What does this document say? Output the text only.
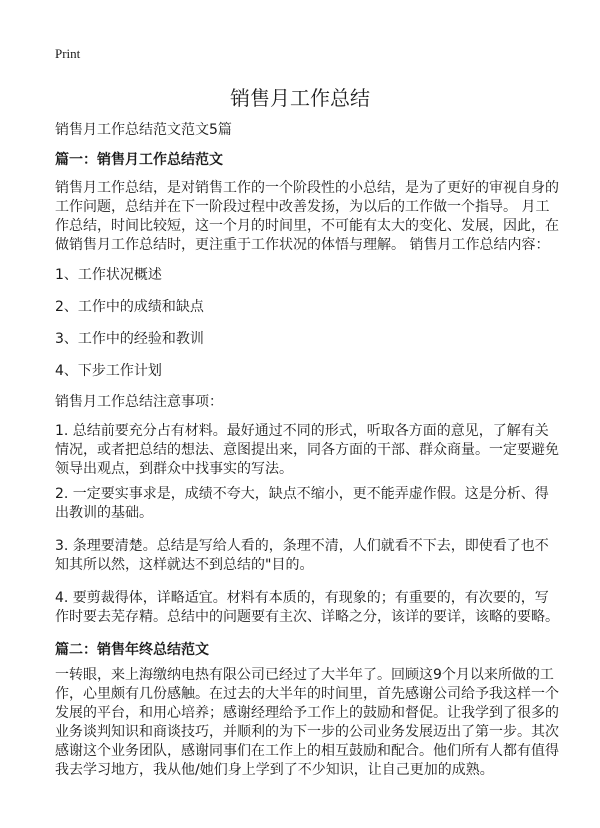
Print
销售月工作总结
销售月工作总结范文范文5篇
篇一：销售月工作总结范文
销售月工作总结，是对销售工作的一个阶段性的小总结，是为了更好的审视自身的
工作问题，总结并在下一阶段过程中改善发扬，为以后的工作做一个指导。 月工
作总结，时间比较短，这一个月的时间里，不可能有太大的变化、发展，因此，在
做销售月工作总结时，更注重于工作状况的体悟与理解。 销售月工作总结内容：
1、工作状况概述
2、工作中的成绩和缺点
3、工作中的经验和教训
4、下步工作计划
销售月工作总结注意事项：
1. 总结前要充分占有材料。最好通过不同的形式，听取各方面的意见，了解有关
情况，或者把总结的想法、意图提出来，同各方面的干部、群众商量。一定要避免
领导出观点，到群众中找事实的写法。
2. 一定要实事求是，成绩不夸大，缺点不缩小，更不能弄虚作假。这是分析、得
出教训的基础。
3. 条理要清楚。总结是写给人看的，条理不清，人们就看不下去，即使看了也不
知其所以然，这样就达不到总结的"目的。
4. 要剪裁得体，详略适宜。材料有本质的，有现象的；有重要的，有次要的，写
作时要去芜存精。总结中的问题要有主次、详略之分，该详的要详，该略的要略。
篇二：销售年终总结范文
一转眼，来上海缴纳电热有限公司已经过了大半年了。回顾这9个月以来所做的工
作，心里颇有几份感触。在过去的大半年的时间里，首先感谢公司给予我这样一个
发展的平台，和用心培养；感谢经理给予工作上的鼓励和督促。让我学到了很多的
业务谈判知识和商谈技巧，并顺利的为下一步的公司业务发展迈出了第一步。其次
感谢这个业务团队，感谢同事们在工作上的相互鼓励和配合。他们所有人都有值得
我去学习地方，我从他/她们身上学到了不少知识，让自己更加的成熟。
